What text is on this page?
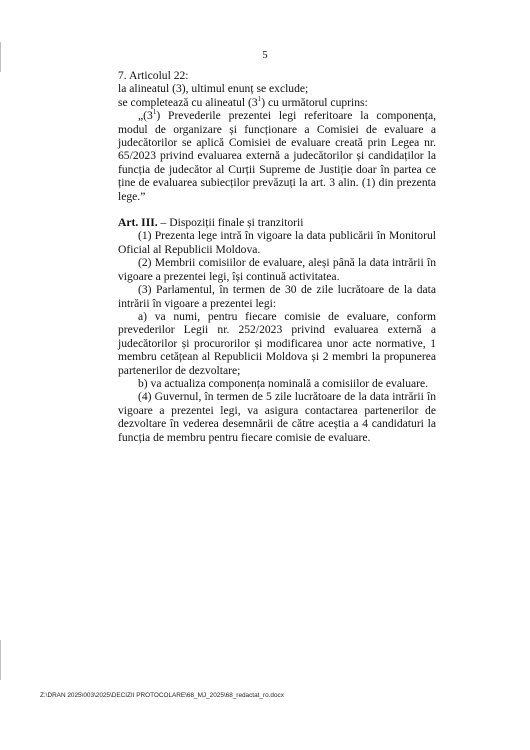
5

7. Articolul 22:

la alineatul (3), ultimul enunț se exclude;

se completează cu alineatul $(3^1)$ cu următorul cuprins:

$„(3^1)$ Prevederile prezentei legi referitoare la componența, modul de organizare și funcționare a Comisiei de evaluare a judecătorilor se aplică Comisiei de evaluare creată prin Legea nr. 65/2023 privind evaluarea externă a judecătorilor și candidaților la funcția de judecător al Curții Supreme de Justiție doar în partea ce ține de evaluarea subiecților prevăzuți la art. 3 alin. (1) din prezenta lege.”

Art. III. – Dispoziții finale și tranzitorii

(1) Prezenta lege intră în vigoare la data publicării în Monitorul Oficial al Republicii Moldova.

(2) Membrii comisiilor de evaluare, aleși până la data intrării în vigoare a prezentei legi, își continuă activitatea.

(3) Parlamentul, în termen de 30 de zile lucrătoare de la data intrării în vigoare a prezentei legi:

a) va numi, pentru fiecare comisie de evaluare, conform prevederilor Legii nr. 252/2023 privind evaluarea externă a judecătorilor și procurorilor și modificarea unor acte normative, 1 membru cetățean al Republicii Moldova și 2 membri la propunerea partenerilor de dezvoltare;

b) va actualiza componența nominală a comisiilor de evaluare.

(4) Guvernul, în termen de 5 zile lucrătoare de la data intrării în vigoare a prezentei legi, va asigura contactarea partenerilor de dezvoltare în vederea desemnării de către aceștia a 4 candidaturi la funcția de membru pentru fiecare comisie de evaluare.

Z:\DRAN 2025\003\2025\DECIZII PROTOCOLARE\68_MJ_2025\68_redactat_ro.docx
